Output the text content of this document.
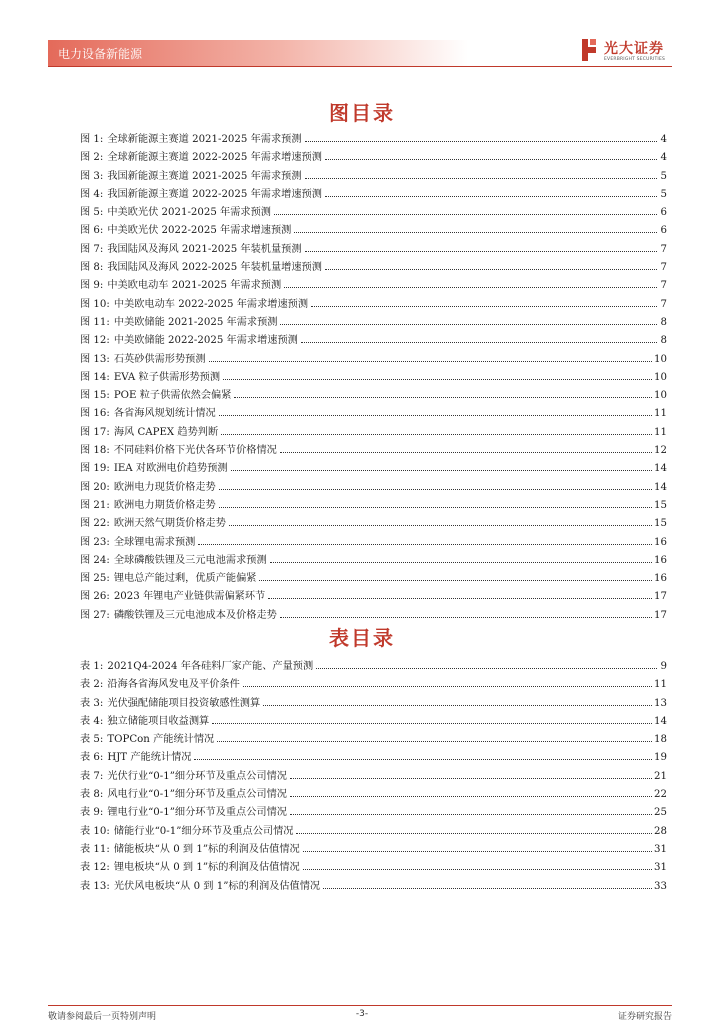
电力设备新能源	光大证券
EVERBRIGHT SECURITIES
图目录
图 1: 全球新能源主赛道 2021-2025 年需求预测	4
图 2: 全球新能源主赛道 2022-2025 年需求增速预测	4
图 3: 我国新能源主赛道 2021-2025 年需求预测	5
图 4: 我国新能源主赛道 2022-2025 年需求增速预测	5
图 5: 中美欧光伏 2021-2025 年需求预测	6
图 6: 中美欧光伏 2022-2025 年需求增速预测	6
图 7: 我国陆风及海风 2021-2025 年装机量预测	7
图 8: 我国陆风及海风 2022-2025 年装机量增速预测	7
图 9: 中美欧电动车 2021-2025 年需求预测	7
图 10: 中美欧电动车 2022-2025 年需求增速预测	7
图 11: 中美欧储能 2021-2025 年需求预测	8
图 12: 中美欧储能 2022-2025 年需求增速预测	8
图 13: 石英砂供需形势预测	10
图 14: EVA 粒子供需形势预测	10
图 15: POE 粒子供需依然会偏紧	10
图 16: 各省海风规划统计情况	11
图 17: 海风 CAPEX 趋势判断	11
图 18: 不同硅料价格下光伏各环节价格情况	12
图 19: IEA 对欧洲电价趋势预测	14
图 20: 欧洲电力现货价格走势	14
图 21: 欧洲电力期货价格走势	15
图 22: 欧洲天然气期货价格走势	15
图 23: 全球锂电需求预测	16
图 24: 全球磷酸铁锂及三元电池需求预测	16
图 25: 锂电总产能过剩，优质产能偏紧	16
图 26: 2023 年锂电产业链供需偏紧环节	17
图 27: 磷酸铁锂及三元电池成本及价格走势	17
表目录
表 1: 2021Q4-2024 年各硅料厂家产能、产量预测	9
表 2: 沿海各省海风发电及平价条件	11
表 3: 光伏强配储能项目投资敏感性测算	13
表 4: 独立储能项目收益测算	14
表 5: TOPCon 产能统计情况	18
表 6: HJT 产能统计情况	19
表 7: 光伏行业“0-1”细分环节及重点公司情况	21
表 8: 风电行业“0-1”细分环节及重点公司情况	22
表 9: 锂电行业“0-1”细分环节及重点公司情况	25
表 10: 储能行业“0-1”细分环节及重点公司情况	28
表 11: 储能板块“从 0 到 1”标的利润及估值情况	31
表 12: 锂电板块“从 0 到 1”标的利润及估值情况	31
表 13: 光伏风电板块“从 0 到 1”标的利润及估值情况	33
敬请参阅最后一页特别声明	-3-	证券研究报告
